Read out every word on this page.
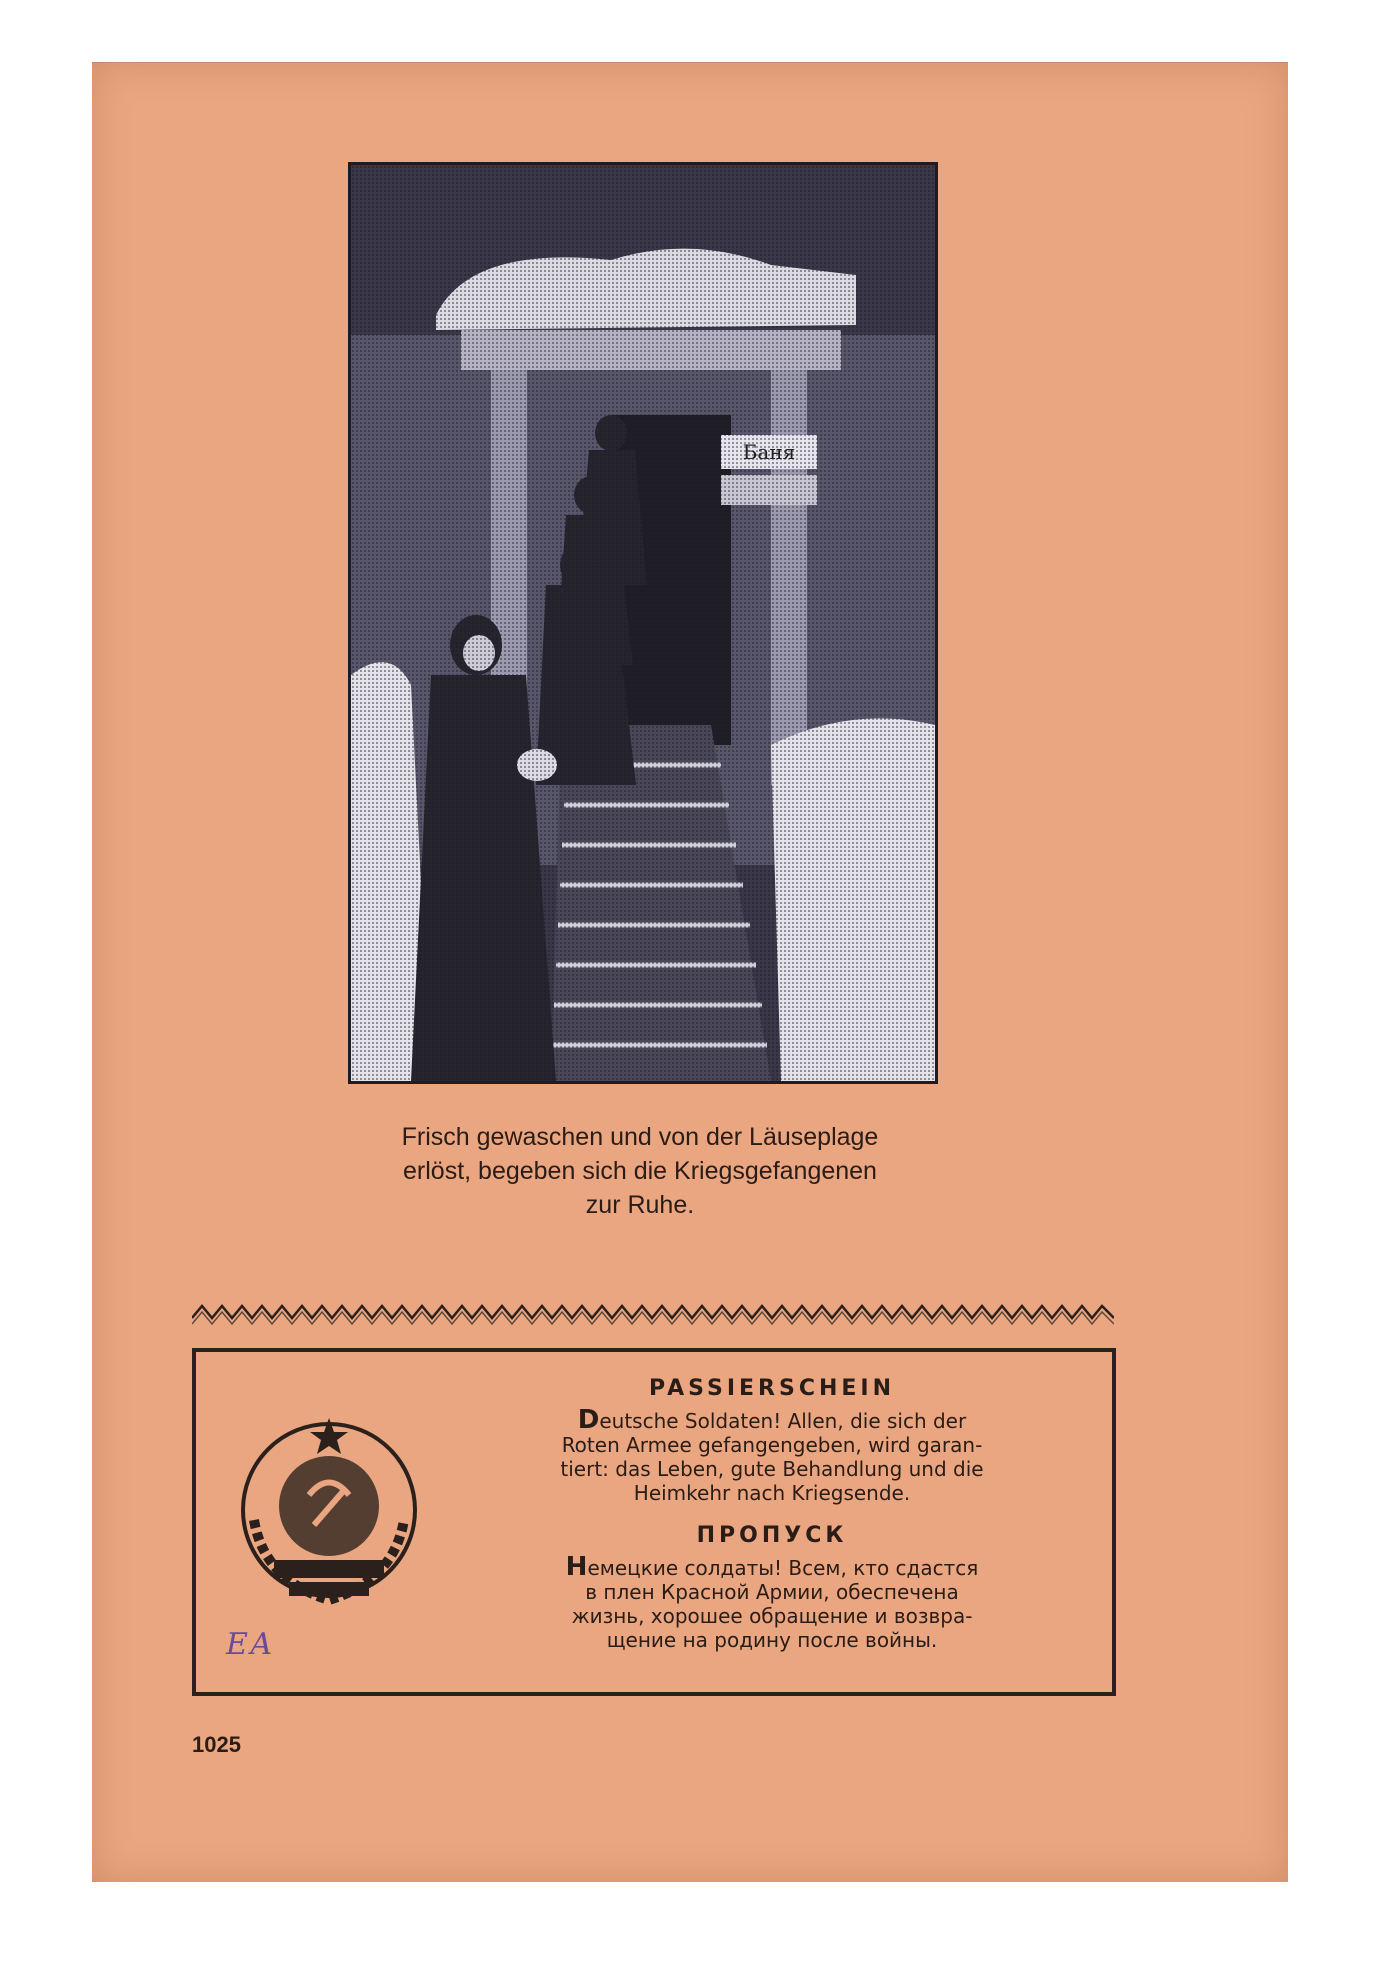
Frisch gewaschen und von der Läuseplage
erlöst, begeben sich die Kriegsgefangenen
zur Ruhe.
ЕА
PASSIERSCHEIN
Deutsche Soldaten! Allen, die sich der
Roten Armee gefangengeben, wird garan-
tiert: das Leben, gute Behandlung und die
Heimkehr nach Kriegsende.
ПРОПУСК
Немецкие солдаты! Всем, кто сдастся
в плен Красной Армии, обеспечена
жизнь, хорошее обращение и возвра-
щение на родину после войны.
1025
